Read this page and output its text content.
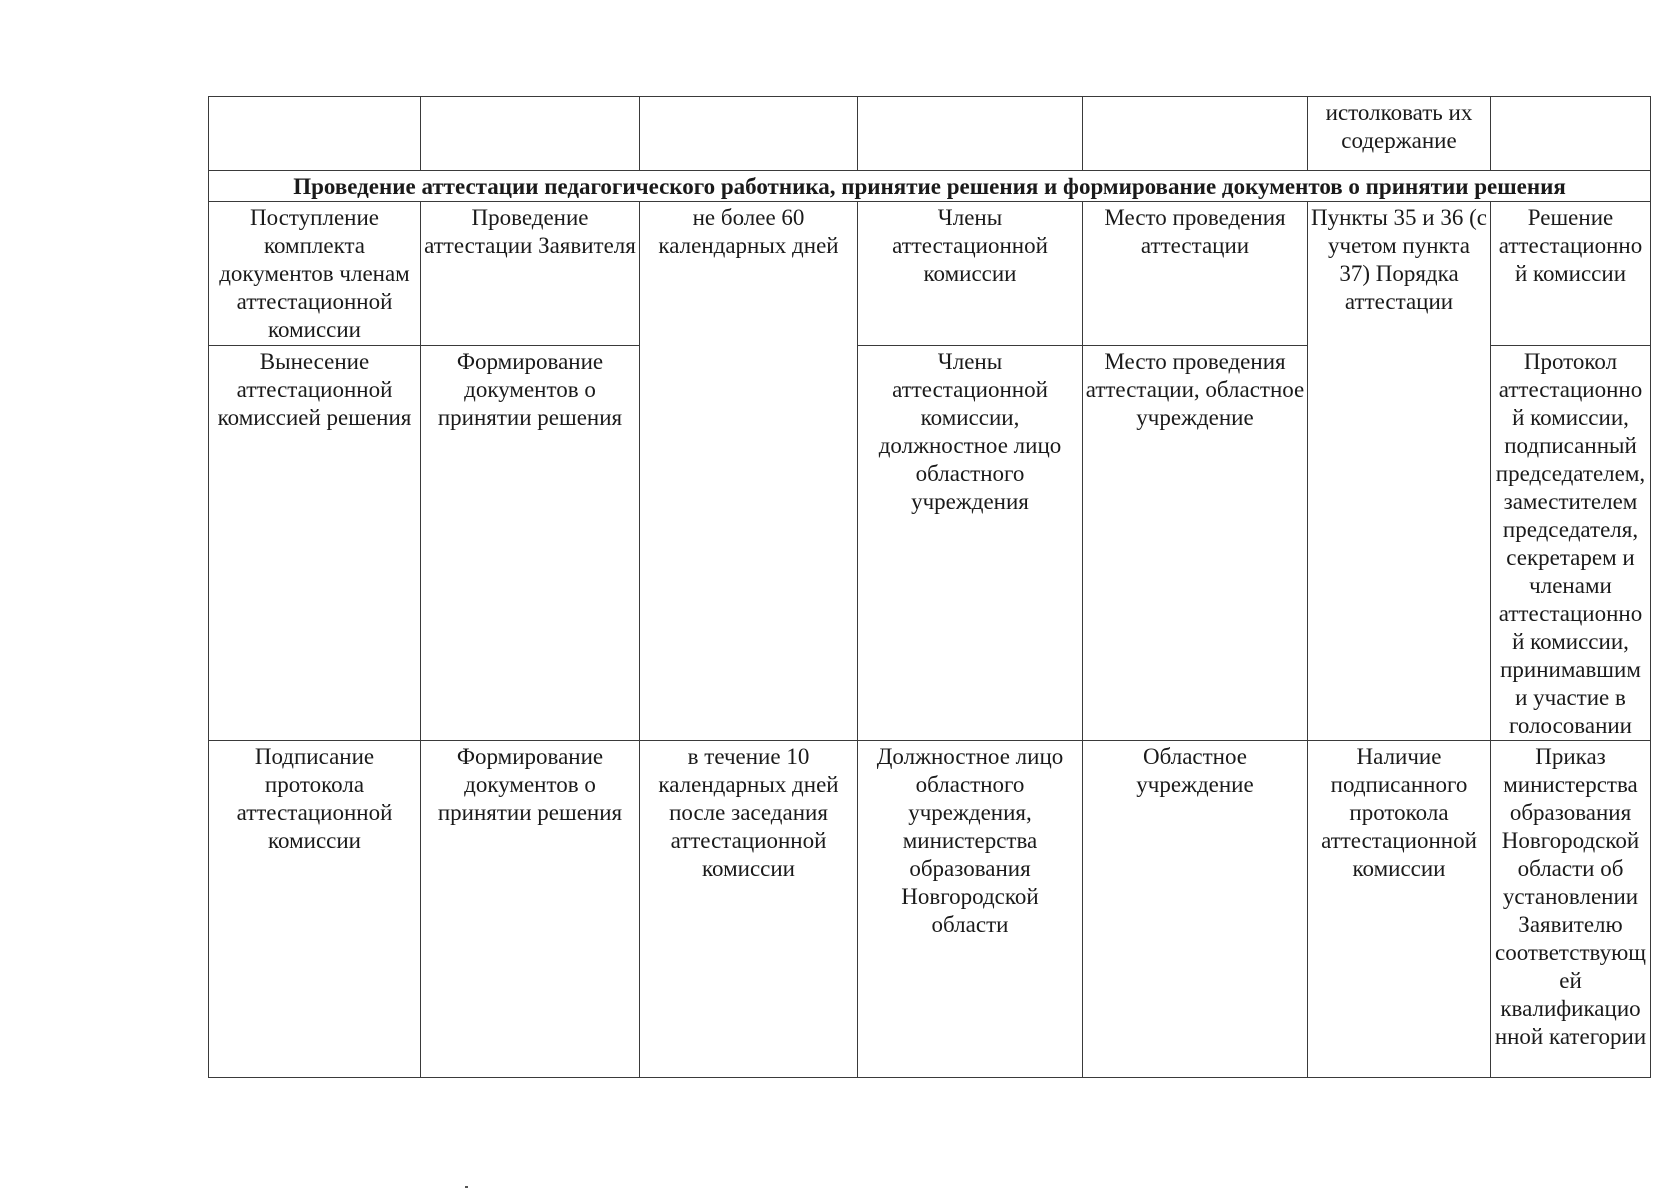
					истолковать их содержание	
Проведение аттестации педагогического работника, принятие решения и формирование документов о принятии решения						
Поступление комплекта документов членам аттестационной комиссии	Проведение аттестации Заявителя	не более 60 календарных дней	Члены аттестационной комиссии	Место проведения аттестации	Пункты 35 и 36 (с учетом пункта 37) Порядка аттестации	Решение аттестационно й комиссии
Вынесение аттестационной комиссией решения	Формирование документов о принятии решения		Члены аттестационной комиссии, должностное лицо областного учреждения	Место проведения аттестации, областное учреждение		Протокол аттестационно й комиссии, подписанный председателем, заместителем председателя, секретарем и членами аттестационно й комиссии, принимавшим и участие в голосовании
Подписание протокола аттестационной комиссии	Формирование документов о принятии решения	в течение 10 календарных дней после заседания аттестационной комиссии	Должностное лицо областного учреждения, министерства образования Новгородской области	Областное учреждение	Наличие подписанного протокола аттестационной комиссии	Приказ министерства образования Новгородской области об установлении Заявителю соответствующ ей квалификацио нной категории
